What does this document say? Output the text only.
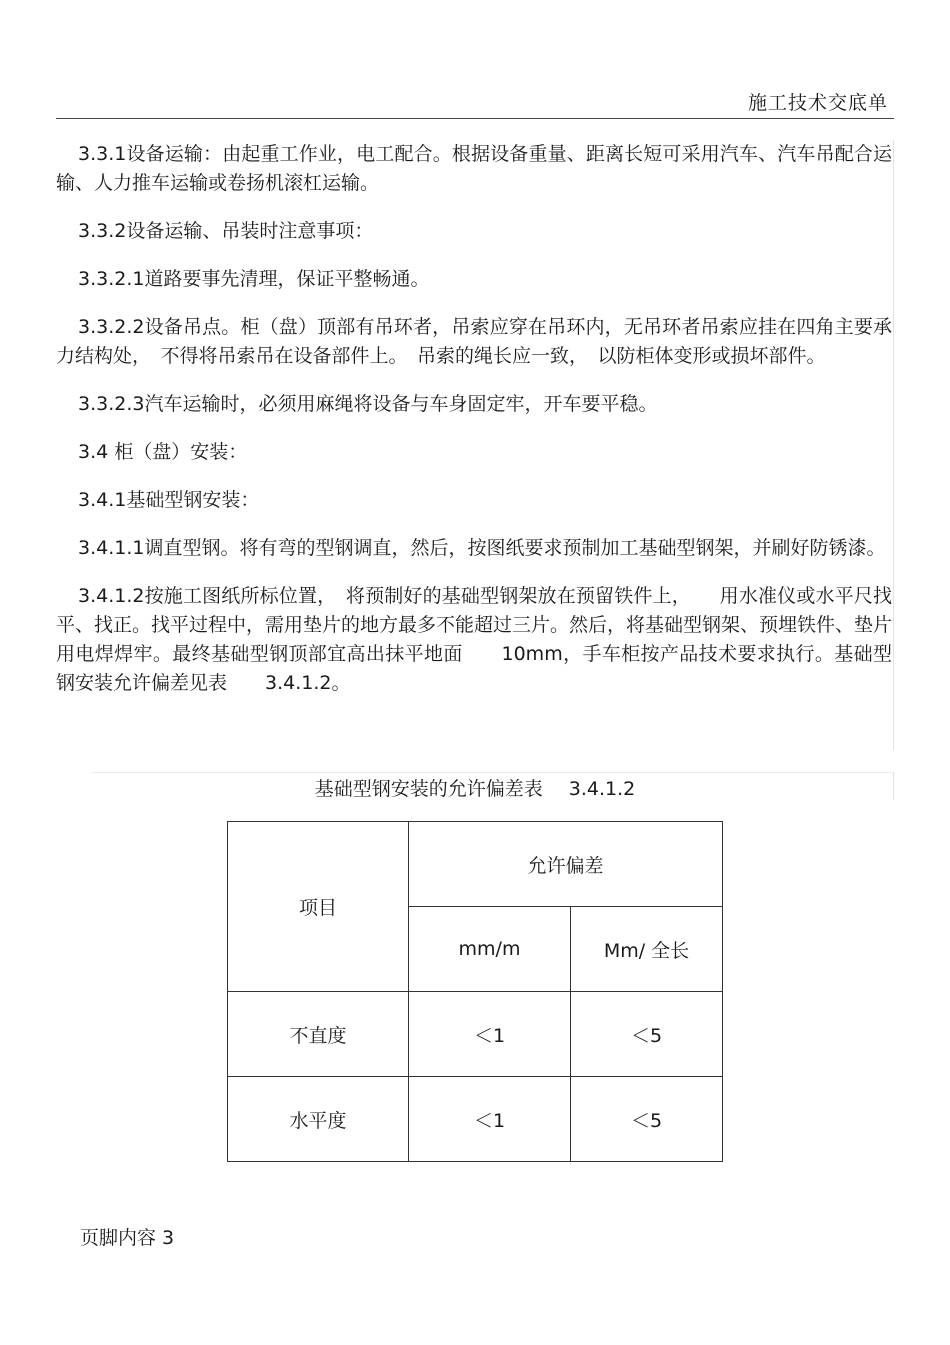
施工技术交底单

3.3.1设备运输：由起重工作业，电工配合。根据设备重量、距离长短可采用汽车、汽车吊配合运输、人力推车运输或卷扬机滚杠运输。

3.3.2设备运输、吊装时注意事项：

3.3.2.1道路要事先清理，保证平整畅通。

3.3.2.2设备吊点。柜（盘）顶部有吊环者，吊索应穿在吊环内，无吊环者吊索应挂在四角主要承力结构处，　不得将吊索吊在设备部件上。　吊索的绳长应一致，　以防柜体变形或损坏部件。

3.3.2.3汽车运输时，必须用麻绳将设备与车身固定牢，开车要平稳。

3.4 柜（盘）安装：

3.4.1基础型钢安装：

3.4.1.1调直型钢。将有弯的型钢调直，然后，按图纸要求预制加工基础型钢架，并刷好防锈漆。

3.4.1.2按施工图纸所标位置，　将预制好的基础型钢架放在预留铁件上，　　用水准仪或水平尺找平、找正。找平过程中，需用垫片的地方最多不能超过三片。然后，将基础型钢架、预埋铁件、垫片用电焊焊牢。最终基础型钢顶部宜高出抹平地面　　10mm，手车柜按产品技术要求执行。基础型钢安装允许偏差见表　　3.4.1.2。

基础型钢安装的允许偏差表 3.4.1.2
项目	允许偏差	
	mm/m	Mm/ 全长
不直度	＜1	＜5
水平度	＜1	＜5
页脚内容 3
